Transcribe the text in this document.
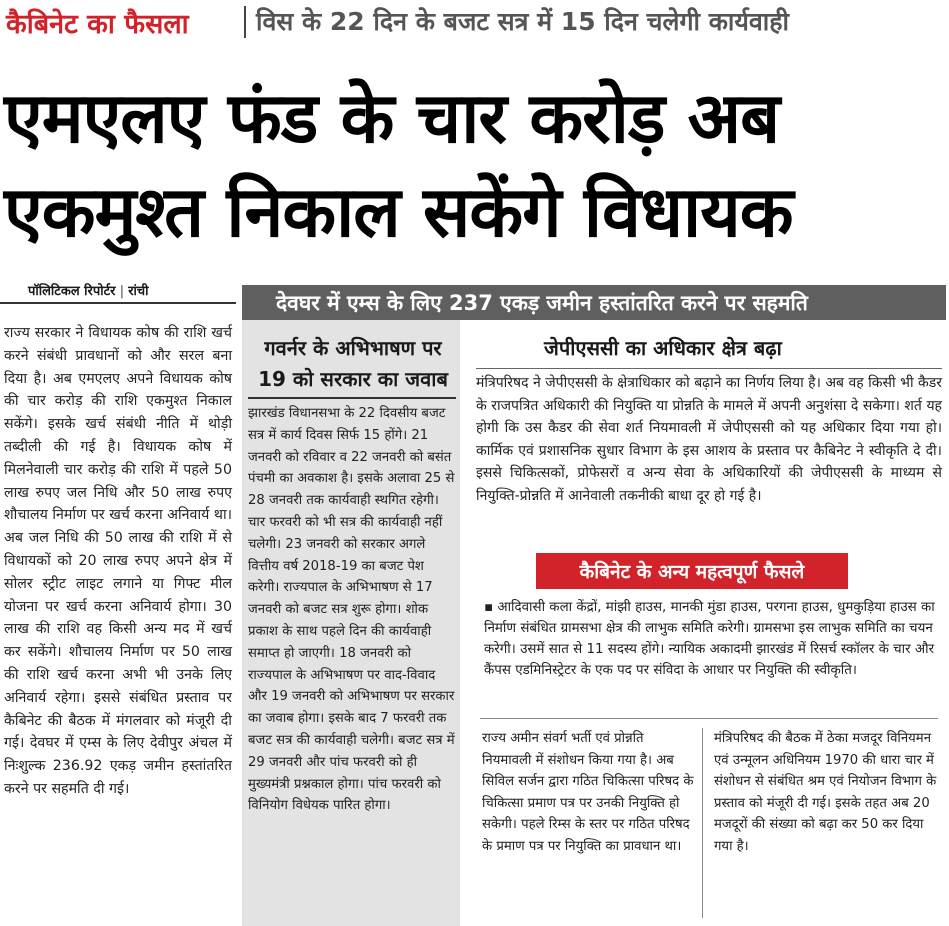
कैबिनेट का फैसला	विस के 22 दिन के बजट सत्र में 15 दिन चलेगी कार्यवाही
एमएलए फंड के चार करोड़ अब
एकमुश्त निकाल सकेंगे विधायक
पॉलिटिकल रिपोर्टर | रांची
राज्य सरकार ने विधायक कोष की राशि खर्च करने संबंधी प्रावधानों को और सरल बना दिया है। अब एमएलए अपने विधायक कोष की चार करोड़ की राशि एकमुश्त निकाल सकेंगे। इसके खर्च संबंधी नीति में थोड़ी तब्दीली की गई है। विधायक कोष में मिलनेवाली चार करोड़ की राशि में पहले 50 लाख रुपए जल निधि और 50 लाख रुपए शौचालय निर्माण पर खर्च करना अनिवार्य था। अब जल निधि की 50 लाख की राशि में से विधायकों को 20 लाख रुपए अपने क्षेत्र में सोलर स्ट्रीट लाइट लगाने या गिफ्ट मील योजना पर खर्च करना अनिवार्य होगा। 30 लाख की राशि वह किसी अन्य मद में खर्च कर सकेंगे। शौचालय निर्माण पर 50 लाख की राशि खर्च करना अभी भी उनके लिए अनिवार्य रहेगा। इससे संबंधित प्रस्ताव पर कैबिनेट की बैठक में मंगलवार को मंजूरी दी गई। देवघर में एम्स के लिए देवीपुर अंचल में निःशुल्क 236.92 एकड़ जमीन हस्तांतरित करने पर सहमति दी गई।
देवघर में एम्स के लिए 237 एकड़ जमीन हस्तांतरित करने पर सहमति
गवर्नर के अभिभाषण पर
19 को सरकार का जवाब
झारखंड विधानसभा के 22 दिवसीय बजट सत्र में कार्य दिवस सिर्फ 15 होंगे। 21 जनवरी को रविवार व 22 जनवरी को बसंत पंचमी का अवकाश है। इसके अलावा 25 से 28 जनवरी तक कार्यवाही स्थगित रहेगी। चार फरवरी को भी सत्र की कार्यवाही नहीं चलेगी। 23 जनवरी को सरकार अगले वित्तीय वर्ष 2018-19 का बजट पेश करेगी। राज्यपाल के अभिभाषण से 17 जनवरी को बजट सत्र शुरू होगा। शोक प्रकाश के साथ पहले दिन की कार्यवाही समाप्त हो जाएगी। 18 जनवरी को राज्यपाल के अभिभाषण पर वाद-विवाद और 19 जनवरी को अभिभाषण पर सरकार का जवाब होगा। इसके बाद 7 फरवरी तक बजट सत्र की कार्यवाही चलेगी। बजट सत्र में 29 जनवरी और पांच फरवरी को ही मुख्यमंत्री प्रश्नकाल होगा। पांच फरवरी को विनियोग विधेयक पारित होगा।
जेपीएससी का अधिकार क्षेत्र बढ़ा
मंत्रिपरिषद ने जेपीएससी के क्षेत्राधिकार को बढ़ाने का निर्णय लिया है। अब वह किसी भी कैडर के राजपत्रित अधिकारी की नियुक्ति या प्रोन्नति के मामले में अपनी अनुशंसा दे सकेगा। शर्त यह होगी कि उस कैडर की सेवा शर्त नियमावली में जेपीएससी को यह अधिकार दिया गया हो। कार्मिक एवं प्रशासनिक सुधार विभाग के इस आशय के प्रस्ताव पर कैबिनेट ने स्वीकृति दे दी। इससे चिकित्सकों, प्रोफेसरों व अन्य सेवा के अधिकारियों की जेपीएससी के माध्यम से नियुक्ति-प्रोन्नति में आनेवाली तकनीकी बाधा दूर हो गई है।
कैबिनेट के अन्य महत्वपूर्ण फैसले
▪ आदिवासी कला केंद्रों, मांझी हाउस, मानकी मुंडा हाउस, परगना हाउस, धुमकुड़िया हाउस का निर्माण संबंधित ग्रामसभा क्षेत्र की लाभुक समिति करेगी। ग्रामसभा इस लाभुक समिति का चयन करेगी। उसमें सात से 11 सदस्य होंगे। न्यायिक अकादमी झारखंड में रिसर्च स्कॉलर के चार और कैंपस एडमिनिस्ट्रेटर के एक पद पर संविदा के आधार पर नियुक्ति की स्वीकृति।
राज्य अमीन संवर्ग भर्ती एवं प्रोन्नति नियमावली में संशोधन किया गया है। अब सिविल सर्जन द्वारा गठित चिकित्सा परिषद के चिकित्सा प्रमाण पत्र पर उनकी नियुक्ति हो सकेगी। पहले रिम्स के स्तर पर गठित परिषद के प्रमाण पत्र पर नियुक्ति का प्रावधान था।
मंत्रिपरिषद की बैठक में ठेका मजदूर विनियमन एवं उन्मूलन अधिनियम 1970 की धारा चार में संशोधन से संबंधित श्रम एवं नियोजन विभाग के प्रस्ताव को मंजूरी दी गई। इसके तहत अब 20 मजदूरों की संख्या को बढ़ा कर 50 कर दिया गया है।
